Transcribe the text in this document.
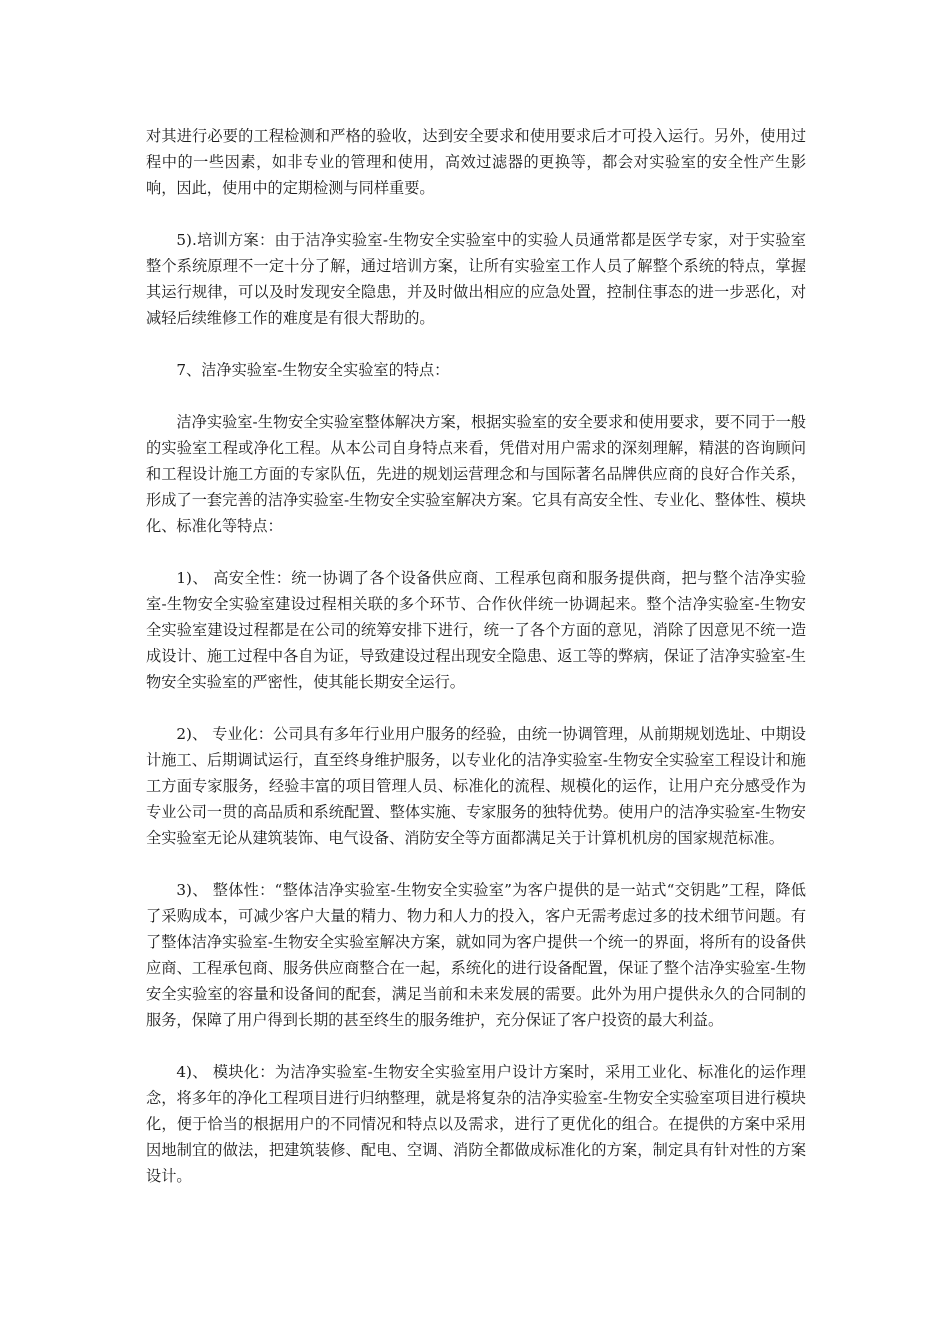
对其进行必要的工程检测和严格的验收，达到安全要求和使用要求后才可投入运行。另外，使用过程中的一些因素，如非专业的管理和使用，高效过滤器的更换等，都会对实验室的安全性产生影响，因此，使用中的定期检测与同样重要。

5).培训方案：由于洁净实验室-生物安全实验室中的实验人员通常都是医学专家，对于实验室整个系统原理不一定十分了解，通过培训方案，让所有实验室工作人员了解整个系统的特点，掌握其运行规律，可以及时发现安全隐患，并及时做出相应的应急处置，控制住事态的进一步恶化，对减轻后续维修工作的难度是有很大帮助的。

7、洁净实验室-生物安全实验室的特点：

洁净实验室-生物安全实验室整体解决方案，根据实验室的安全要求和使用要求，要不同于一般的实验室工程或净化工程。从本公司自身特点来看，凭借对用户需求的深刻理解，精湛的咨询顾问和工程设计施工方面的专家队伍，先进的规划运营理念和与国际著名品牌供应商的良好合作关系，形成了一套完善的洁净实验室-生物安全实验室解决方案。它具有高安全性、专业化、整体性、模块化、标准化等特点：

1)、 高安全性：统一协调了各个设备供应商、工程承包商和服务提供商，把与整个洁净实验室-生物安全实验室建设过程相关联的多个环节、合作伙伴统一协调起来。整个洁净实验室-生物安全实验室建设过程都是在公司的统筹安排下进行，统一了各个方面的意见，消除了因意见不统一造成设计、施工过程中各自为证，导致建设过程出现安全隐患、返工等的弊病，保证了洁净实验室-生物安全实验室的严密性，使其能长期安全运行。

2)、 专业化：公司具有多年行业用户服务的经验，由统一协调管理，从前期规划选址、中期设计施工、后期调试运行，直至终身维护服务，以专业化的洁净实验室-生物安全实验室工程设计和施工方面专家服务，经验丰富的项目管理人员、标准化的流程、规模化的运作，让用户充分感受作为专业公司一贯的高品质和系统配置、整体实施、专家服务的独特优势。使用户的洁净实验室-生物安全实验室无论从建筑装饰、电气设备、消防安全等方面都满足关于计算机机房的国家规范标准。

3)、 整体性：“整体洁净实验室-生物安全实验室”为客户提供的是一站式“交钥匙”工程，降低了采购成本，可减少客户大量的精力、物力和人力的投入，客户无需考虑过多的技术细节问题。有了整体洁净实验室-生物安全实验室解决方案，就如同为客户提供一个统一的界面，将所有的设备供应商、工程承包商、服务供应商整合在一起，系统化的进行设备配置，保证了整个洁净实验室-生物安全实验室的容量和设备间的配套，满足当前和未来发展的需要。此外为用户提供永久的合同制的服务，保障了用户得到长期的甚至终生的服务维护，充分保证了客户投资的最大利益。

4)、 模块化：为洁净实验室-生物安全实验室用户设计方案时，采用工业化、标准化的运作理念，将多年的净化工程项目进行归纳整理，就是将复杂的洁净实验室-生物安全实验室项目进行模块化，便于恰当的根据用户的不同情况和特点以及需求，进行了更优化的组合。在提供的方案中采用因地制宜的做法，把建筑装修、配电、空调、消防全都做成标准化的方案，制定具有针对性的方案设计。
